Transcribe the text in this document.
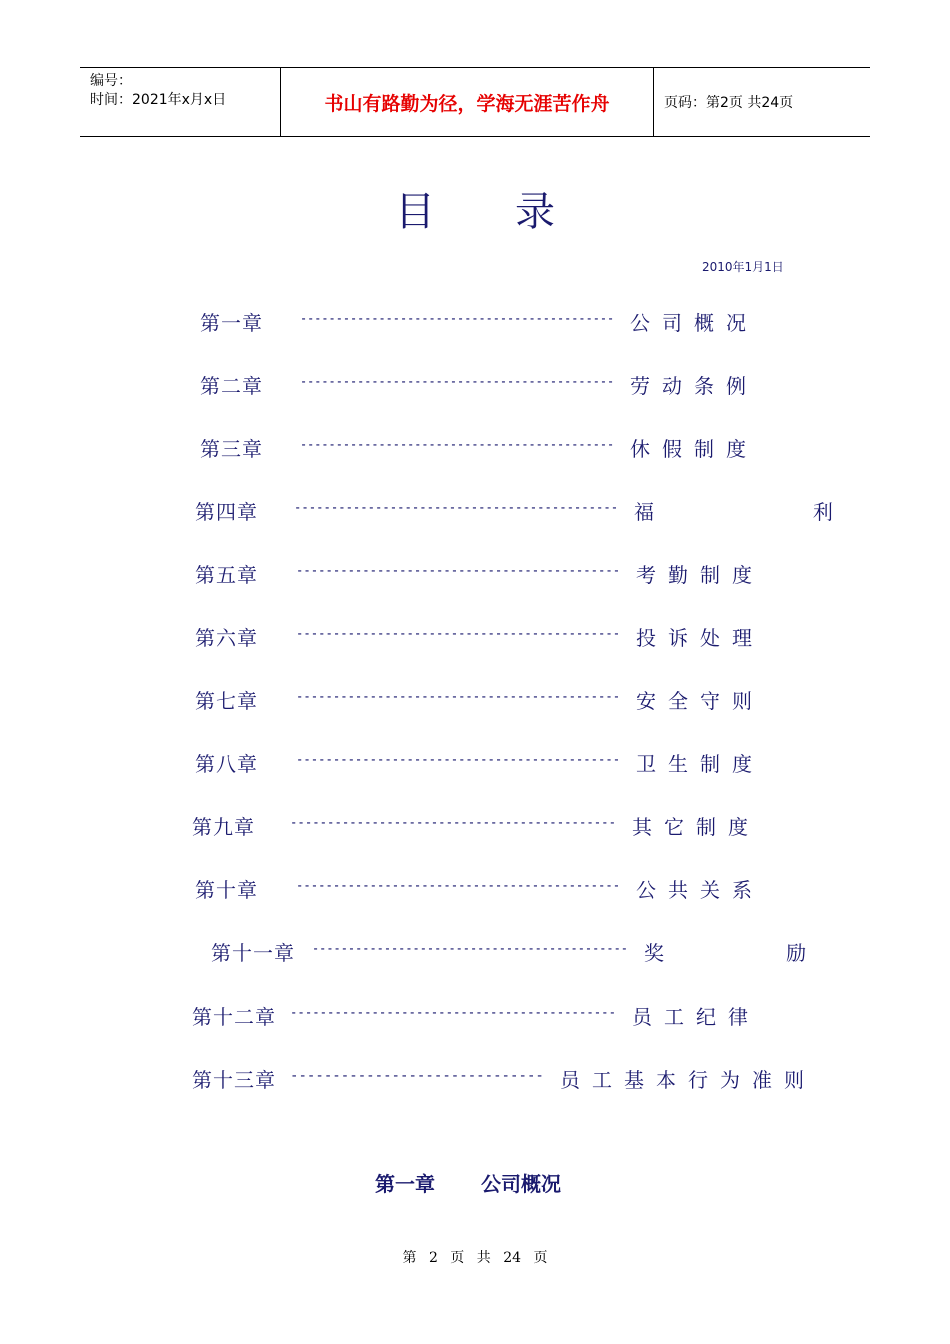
编号：
时间：2021年x月x日	书山有路勤为径，学海无涯苦作舟	页码：第2页 共24页
目录
2010年1月1日
第一章	-------------------------------------------- 公司概况
第二章	-------------------------------------------- 劳动条例
第三章	-------------------------------------------- 休假制度
第四章	-------------------------------------------- 福        利
第五章	-------------------------------------------- 考勤制度
第六章	-------------------------------------------- 投诉处理
第七章	-------------------------------------------- 安全守则
第八章	-------------------------------------------- 卫生制度
第九章	-------------------------------------------- 其它制度
第十章	-------------------------------------------- 公共关系
第十一章 -------------------------------------------- 奖      励
第十二章 -------------------------------------------- 员工纪律
第十三章 ------------------------------ 员工基本行为准则
第一章 公司概况
第 2 页 共 24 页
